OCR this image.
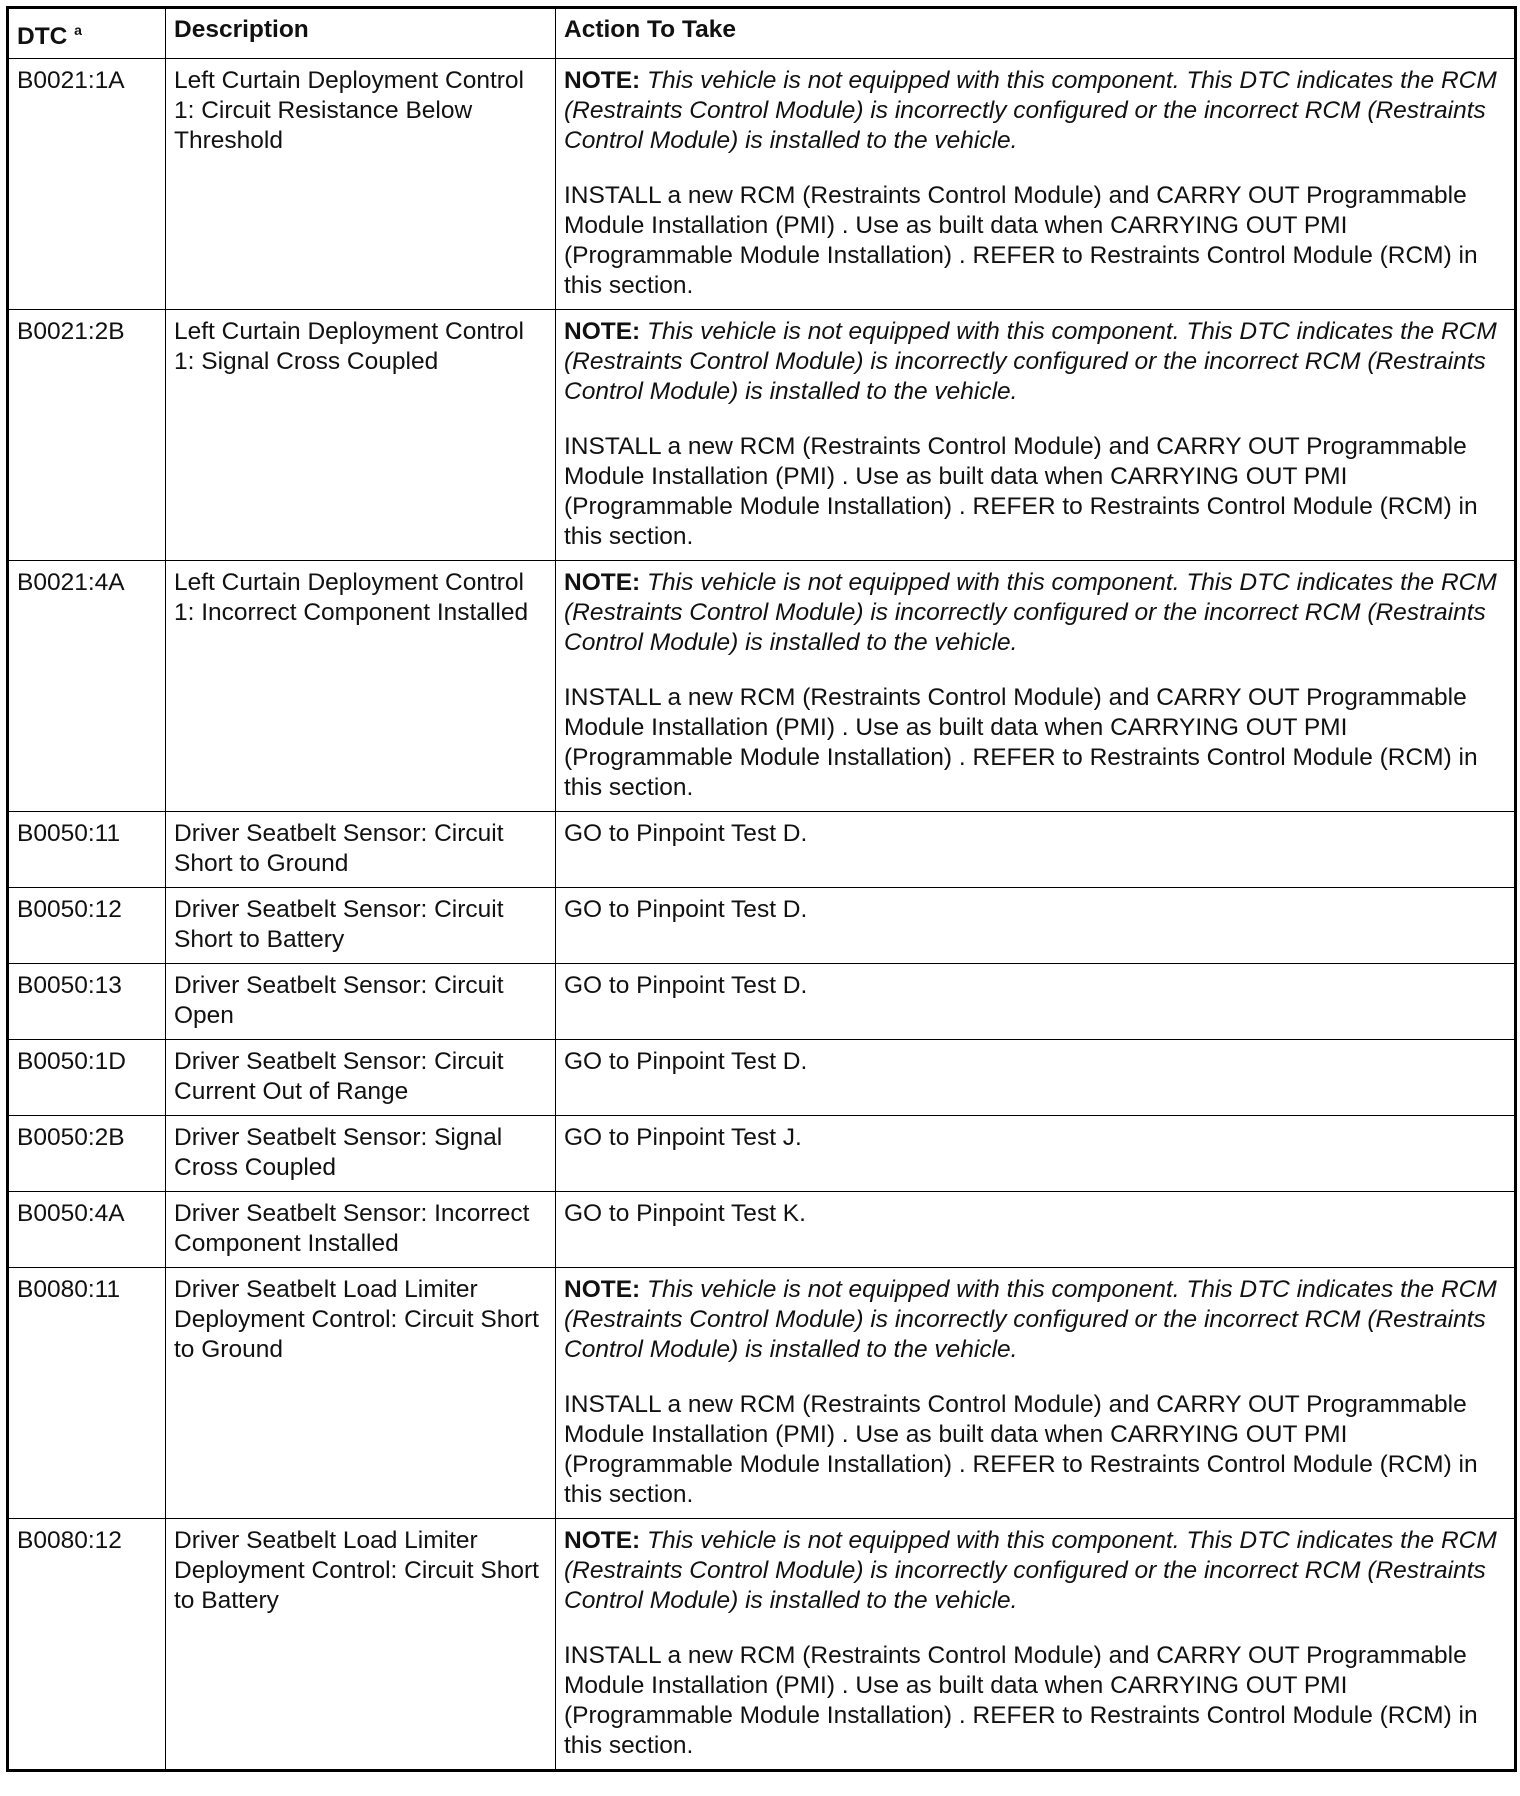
DTC $^a$	Description	Action To Take
B0021:1A	Left Curtain Deployment Control 1: Circuit Resistance Below Threshold	NOTE: This vehicle is not equipped with this component. This DTC indicates the RCM (Restraints Control Module) is incorrectly configured or the incorrect RCM (Restraints Control Module) is installed to the vehicle.

INSTALL a new RCM (Restraints Control Module) and CARRY OUT Programmable Module Installation (PMI) . Use as built data when CARRYING OUT PMI (Programmable Module Installation) . REFER to Restraints Control Module (RCM) in this section.

B0021:2B	Left Curtain Deployment Control 1: Signal Cross Coupled	NOTE: This vehicle is not equipped with this component. This DTC indicates the RCM (Restraints Control Module) is incorrectly configured or the incorrect RCM (Restraints Control Module) is installed to the vehicle.

INSTALL a new RCM (Restraints Control Module) and CARRY OUT Programmable Module Installation (PMI) . Use as built data when CARRYING OUT PMI (Programmable Module Installation) . REFER to Restraints Control Module (RCM) in this section.

B0021:4A	Left Curtain Deployment Control 1: Incorrect Component Installed	NOTE: This vehicle is not equipped with this component. This DTC indicates the RCM (Restraints Control Module) is incorrectly configured or the incorrect RCM (Restraints Control Module) is installed to the vehicle.

INSTALL a new RCM (Restraints Control Module) and CARRY OUT Programmable Module Installation (PMI) . Use as built data when CARRYING OUT PMI (Programmable Module Installation) . REFER to Restraints Control Module (RCM) in this section.

B0050:11	Driver Seatbelt Sensor: Circuit Short to Ground	GO to Pinpoint Test D.
B0050:12	Driver Seatbelt Sensor: Circuit Short to Battery	GO to Pinpoint Test D.
B0050:13	Driver Seatbelt Sensor: Circuit Open	GO to Pinpoint Test D.
B0050:1D	Driver Seatbelt Sensor: Circuit Current Out of Range	GO to Pinpoint Test D.
B0050:2B	Driver Seatbelt Sensor: Signal Cross Coupled	GO to Pinpoint Test J.
B0050:4A	Driver Seatbelt Sensor: Incorrect Component Installed	GO to Pinpoint Test K.
B0080:11	Driver Seatbelt Load Limiter Deployment Control: Circuit Short to Ground	NOTE: This vehicle is not equipped with this component. This DTC indicates the RCM (Restraints Control Module) is incorrectly configured or the incorrect RCM (Restraints Control Module) is installed to the vehicle.

INSTALL a new RCM (Restraints Control Module) and CARRY OUT Programmable Module Installation (PMI) . Use as built data when CARRYING OUT PMI (Programmable Module Installation) . REFER to Restraints Control Module (RCM) in this section.

B0080:12	Driver Seatbelt Load Limiter Deployment Control: Circuit Short to Battery	NOTE: This vehicle is not equipped with this component. This DTC indicates the RCM (Restraints Control Module) is incorrectly configured or the incorrect RCM (Restraints Control Module) is installed to the vehicle.

INSTALL a new RCM (Restraints Control Module) and CARRY OUT Programmable Module Installation (PMI) . Use as built data when CARRYING OUT PMI (Programmable Module Installation) . REFER to Restraints Control Module (RCM) in this section.
